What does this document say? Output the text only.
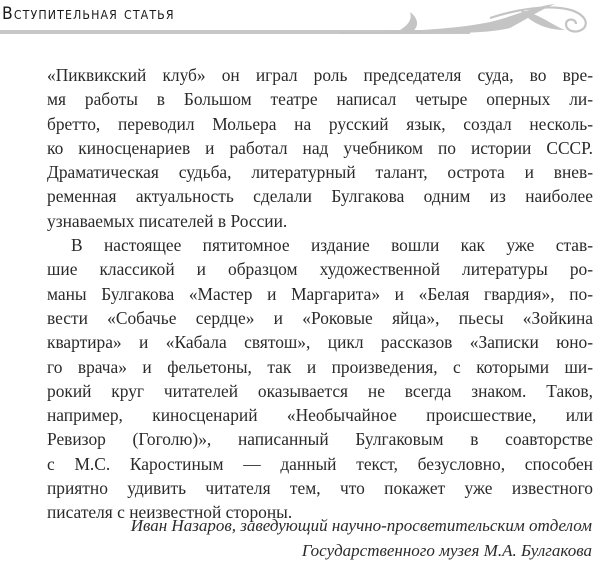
Вступительная статья

«Пиквикский клуб» он играл роль председателя суда, во вре-
мя работы в Большом театре написал четыре оперных ли-
бретто, переводил Мольера на русский язык, создал несколь-
ко киносценариев и работал над учебником по истории СССР.
Драматическая судьба, литературный талант, острота и внев-
ременная актуальность сделали Булгакова одним из наиболее
узнаваемых писателей в России.

В настоящее пятитомное издание вошли как уже став-
шие классикой и образцом художественной литературы ро-
маны Булгакова «Мастер и Маргарита» и «Белая гвардия», по-
вести «Собачье сердце» и «Роковые яйца», пьесы «Зойкина
квартира» и «Кабала святош», цикл рассказов «Записки юно-
го врача» и фельетоны, так и произведения, с которыми ши-
рокий круг читателей оказывается не всегда знаком. Таков,
например, киносценарий «Необычайное происшествие, или
Ревизор (Гоголю)», написанный Булгаковым в соавторстве
с М.С. Каростиным — данный текст, безусловно, способен
приятно удивить читателя тем, что покажет уже известного
писателя с неизвестной стороны.

Иван Назаров, заведующий научно-просветительским отделом
Государственного музея М.А. Булгакова
